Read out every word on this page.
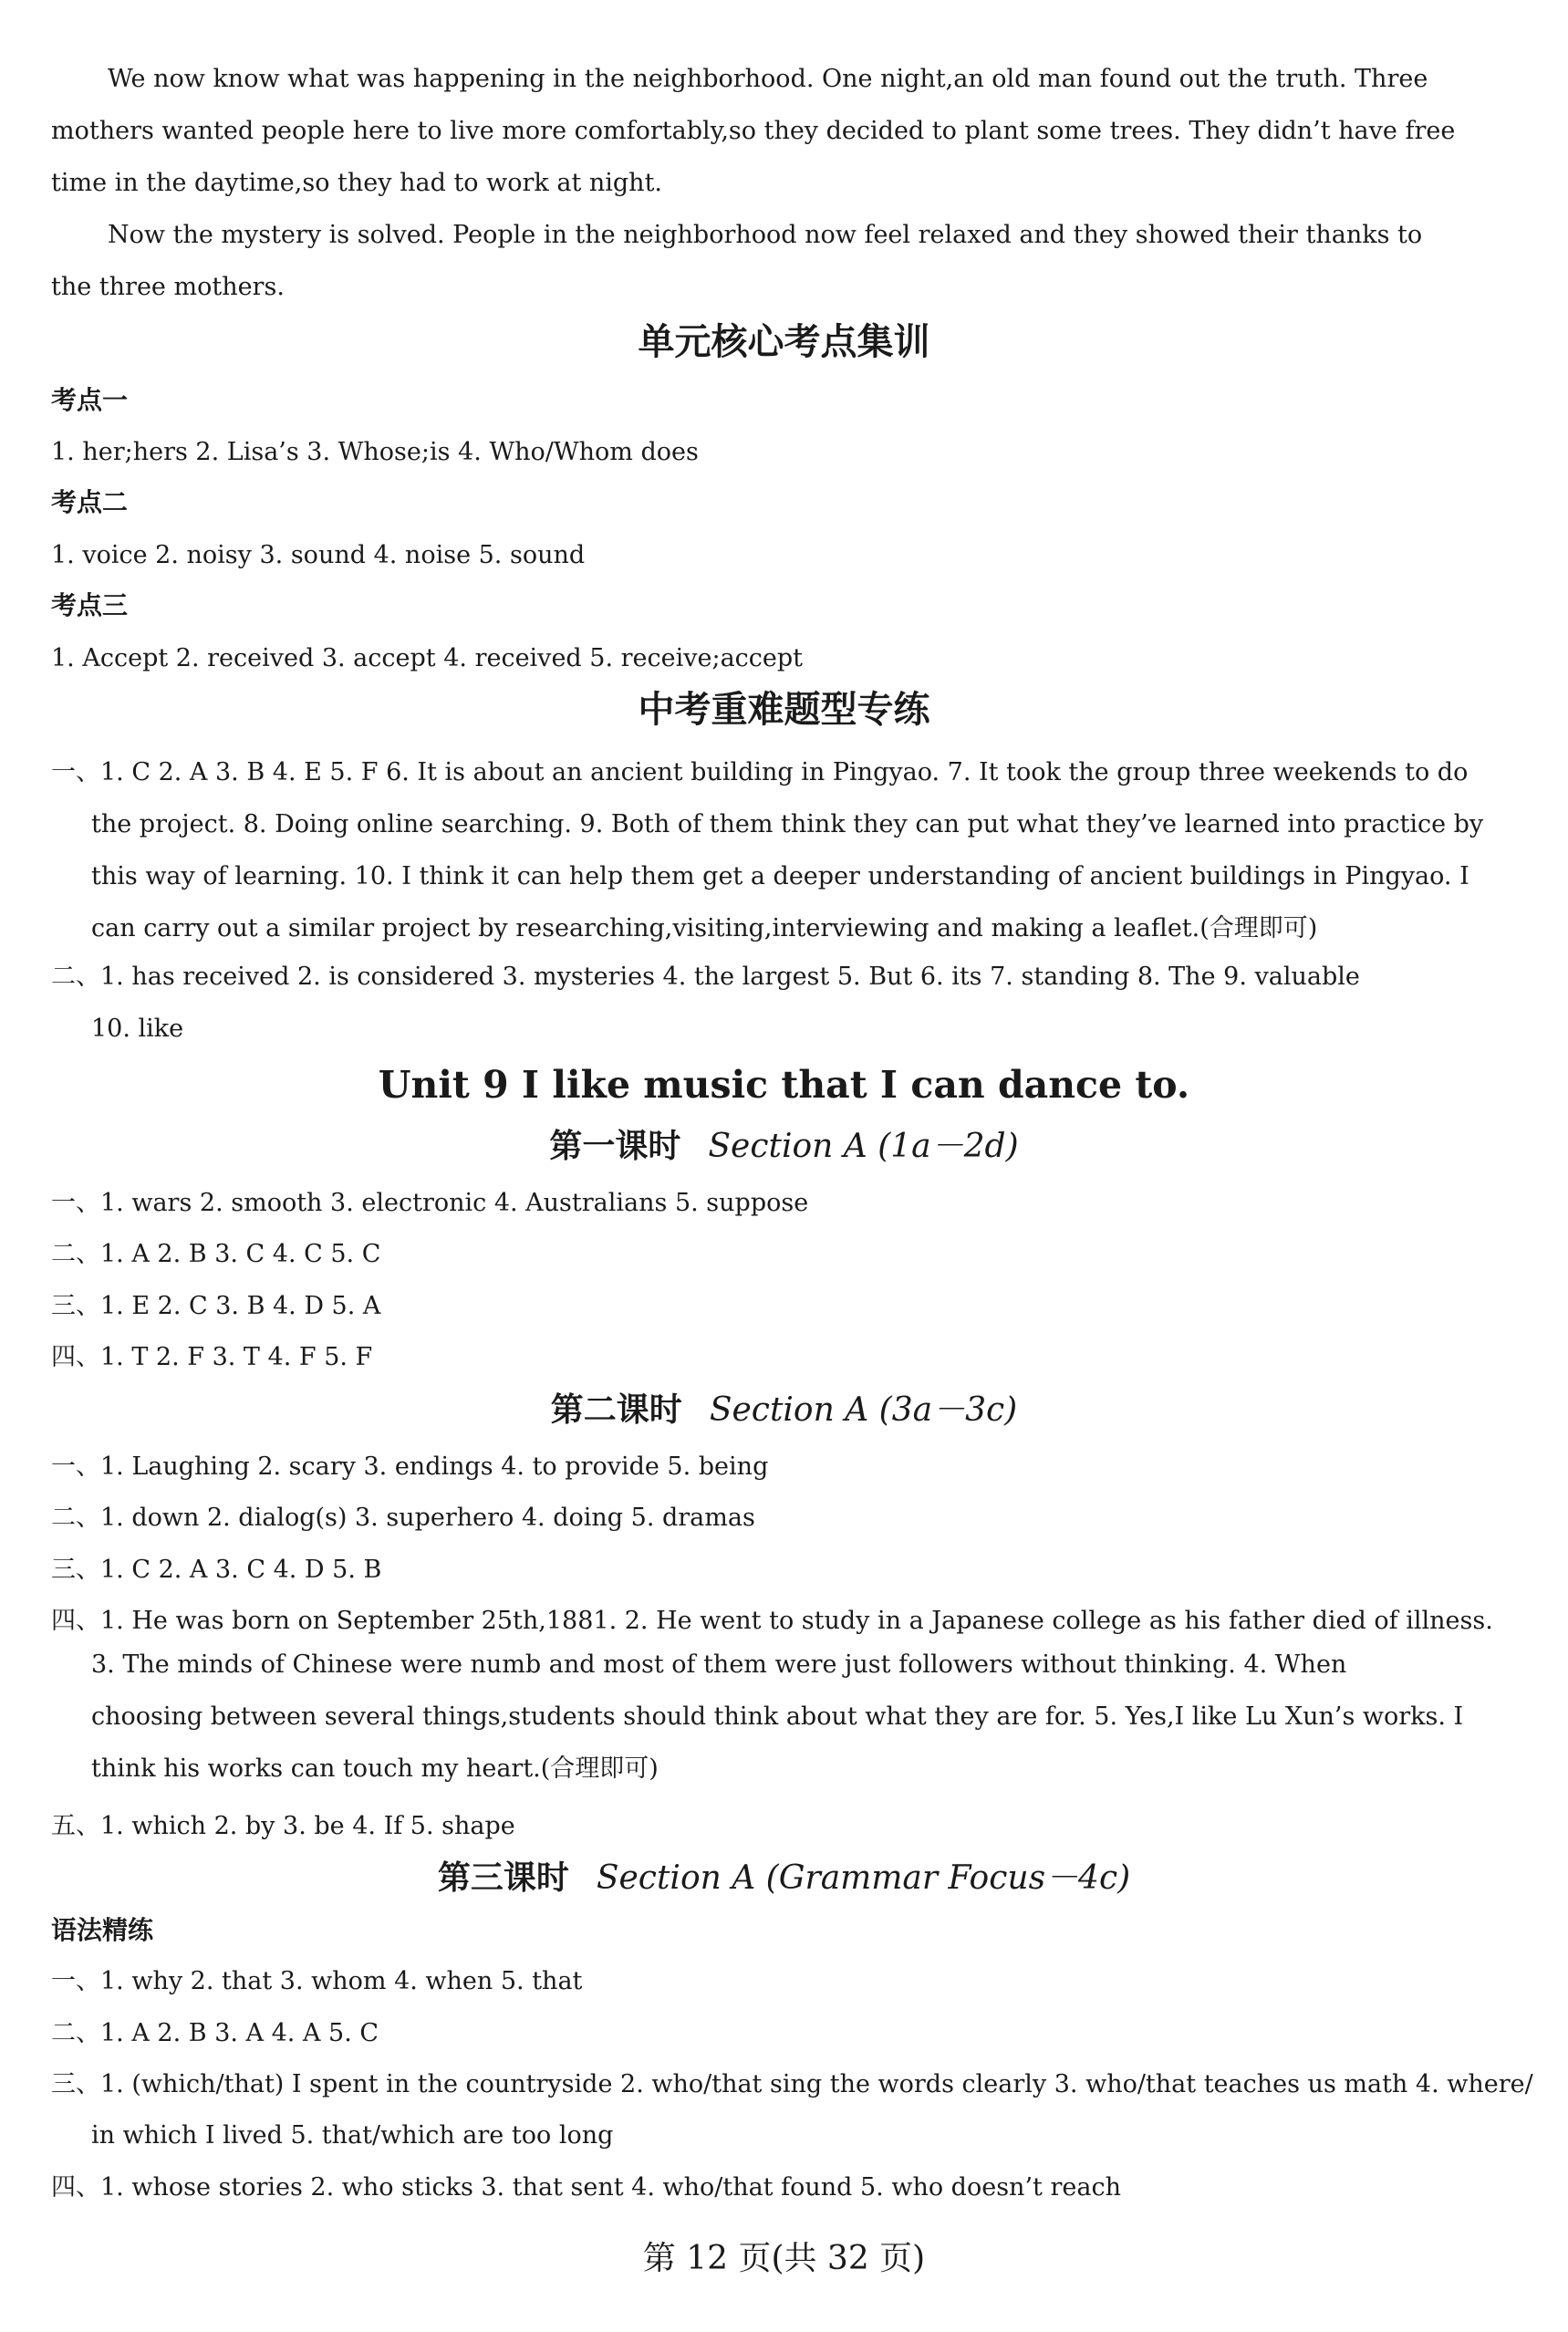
We now know what was happening in the neighborhood. One night,an old man found out the truth. Three mothers wanted people here to live more comfortably,so they decided to plant some trees. They didn’t have free time in the daytime,so they had to work at night.

Now the mystery is solved. People in the neighborhood now feel relaxed and they showed their thanks to the three mothers.

单元核心考点集训
考点一
1. her;hers 2. Lisa’s 3. Whose;is 4. Who/Whom does
考点二
1. voice 2. noisy 3. sound 4. noise 5. sound
考点三
1. Accept 2. received 3. accept 4. received 5. receive;accept
中考重难题型专练

一、1. C 2. A 3. B 4. E 5. F 6. It is about an ancient building in Pingyao. 7. It took the group three weekends to do the project. 8. Doing online searching. 9. Both of them think they can put what they’ve learned into practice by this way of learning. 10. I think it can help them get a deeper understanding of ancient buildings in Pingyao. I can carry out a similar project by researching,visiting,interviewing and making a leaflet.(合理即可)

二、1. has received 2. is considered 3. mysteries 4. the largest 5. But 6. its 7. standing 8. The 9. valuable
10. like
Unit 9 I like music that I can dance to.
第一课时 Section A (1a－2d)
一、1. wars 2. smooth 3. electronic 4. Australians 5. suppose
二、1. A 2. B 3. C 4. C 5. C
三、1. E 2. C 3. B 4. D 5. A
四、1. T 2. F 3. T 4. F 5. F
第二课时 Section A (3a－3c)
一、1. Laughing 2. scary 3. endings 4. to provide 5. being
二、1. down 2. dialog(s) 3. superhero 4. doing 5. dramas
三、1. C 2. A 3. C 4. D 5. B
四、1. He was born on September 25th,1881. 2. He went to study in a Japanese college as his father died of illness.

3. The minds of Chinese were numb and most of them were just followers without thinking. 4. When choosing between several things,students should think about what they are for. 5. Yes,I like Lu Xun’s works. I think his works can touch my heart.(合理即可)

五、1. which 2. by 3. be 4. If 5. shape
第三课时 Section A (Grammar Focus－4c)
语法精练
一、1. why 2. that 3. whom 4. when 5. that
二、1. A 2. B 3. A 4. A 5. C
三、1. (which/that) I spent in the countryside 2. who/that sing the words clearly 3. who/that teaches us math 4. where/
in which I lived 5. that/which are too long
四、1. whose stories 2. who sticks 3. that sent 4. who/that found 5. who doesn’t reach
第 12 页(共 32 页)
